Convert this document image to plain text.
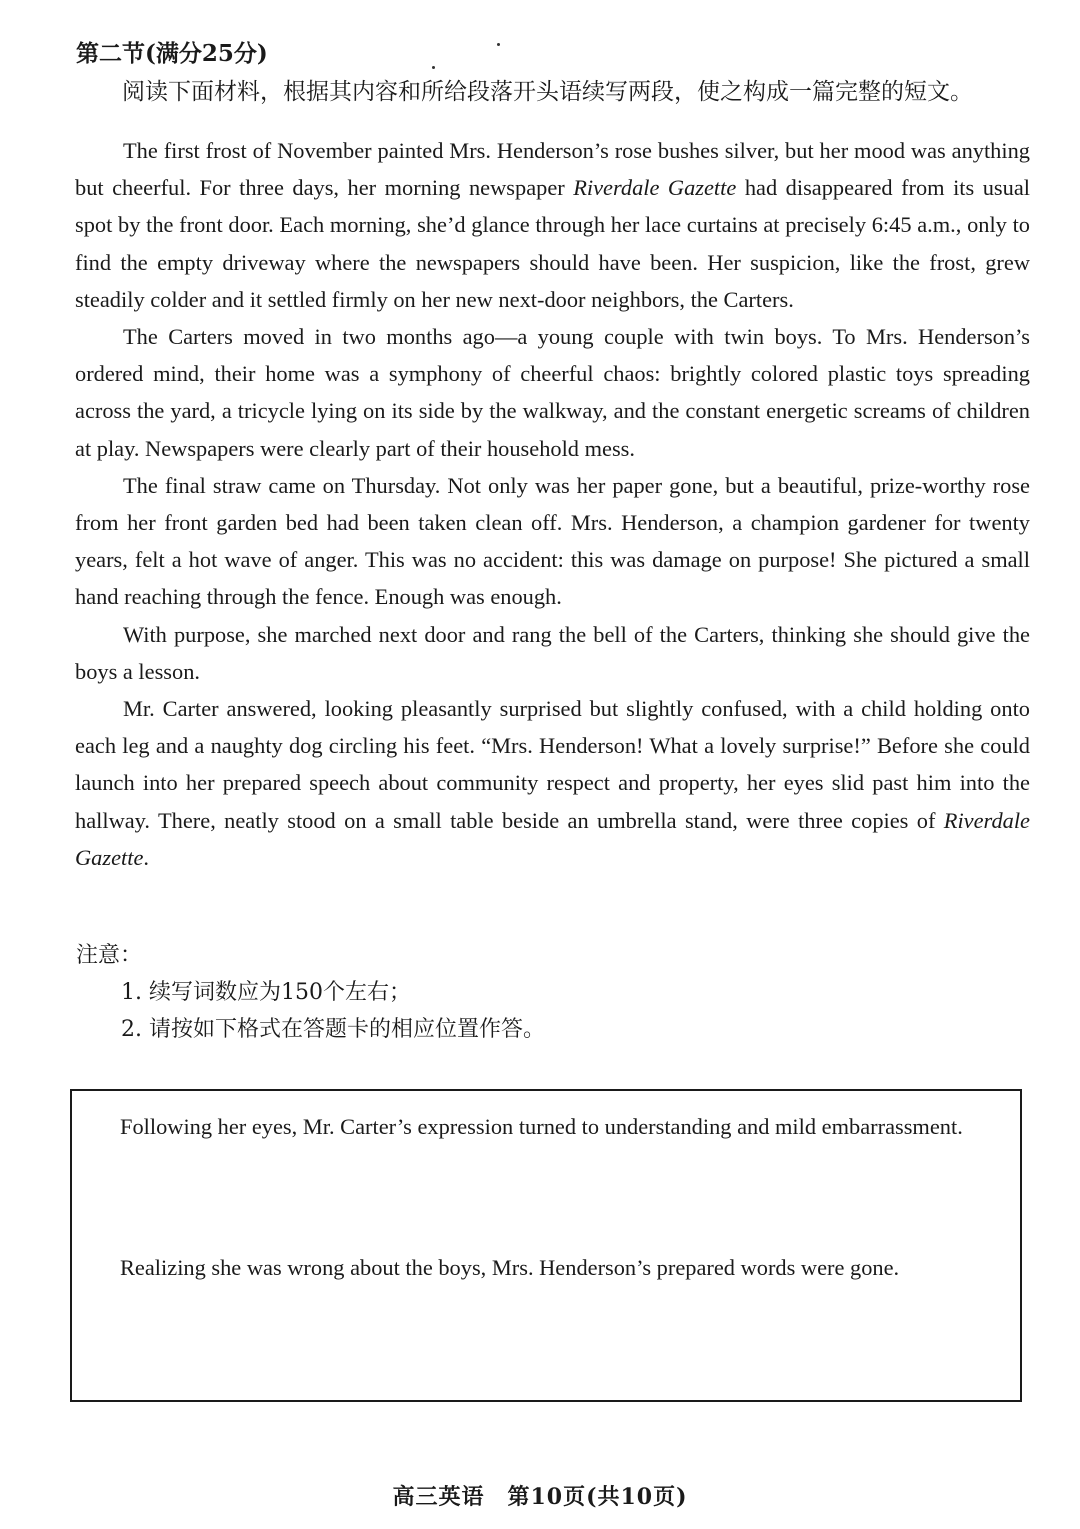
第二节(满分25分)
阅读下面材料，根据其内容和所给段落开头语续写两段，使之构成一篇完整的短文。

The first frost of November painted Mrs. Henderson’s rose bushes silver, but her mood was anything but cheerful. For three days, her morning newspaper Riverdale Gazette had disappeared from its usual spot by the front door. Each morning, she’d glance through her lace curtains at precisely 6:45 a.m., only to find the empty driveway where the newspapers should have been. Her suspicion, like the frost, grew steadily colder and it settled firmly on her new next-door neighbors, the Carters.

The Carters moved in two months ago—a young couple with twin boys. To Mrs. Henderson’s ordered mind, their home was a symphony of cheerful chaos: brightly colored plastic toys spreading across the yard, a tricycle lying on its side by the walkway, and the constant energetic screams of children at play. Newspapers were clearly part of their household mess.

The final straw came on Thursday. Not only was her paper gone, but a beautiful, prize-worthy rose from her front garden bed had been taken clean off. Mrs. Henderson, a champion gardener for twenty years, felt a hot wave of anger. This was no accident: this was damage on purpose! She pictured a small hand reaching through the fence. Enough was enough.

With purpose, she marched next door and rang the bell of the Carters, thinking she should give the boys a lesson.

Mr. Carter answered, looking pleasantly surprised but slightly confused, with a child holding onto each leg and a naughty dog circling his feet. “Mrs. Henderson! What a lovely surprise!” Before she could launch into her prepared speech about community respect and property, her eyes slid past him into the hallway. There, neatly stood on a small table beside an umbrella stand, were three copies of Riverdale Gazette.

注意：
1. 续写词数应为150个左右；
2. 请按如下格式在答题卡的相应位置作答。
Following her eyes, Mr. Carter’s expression turned to understanding and mild embarrassment.
Realizing she was wrong about the boys, Mrs. Henderson’s prepared words were gone.
高三英语　第10页(共10页)
